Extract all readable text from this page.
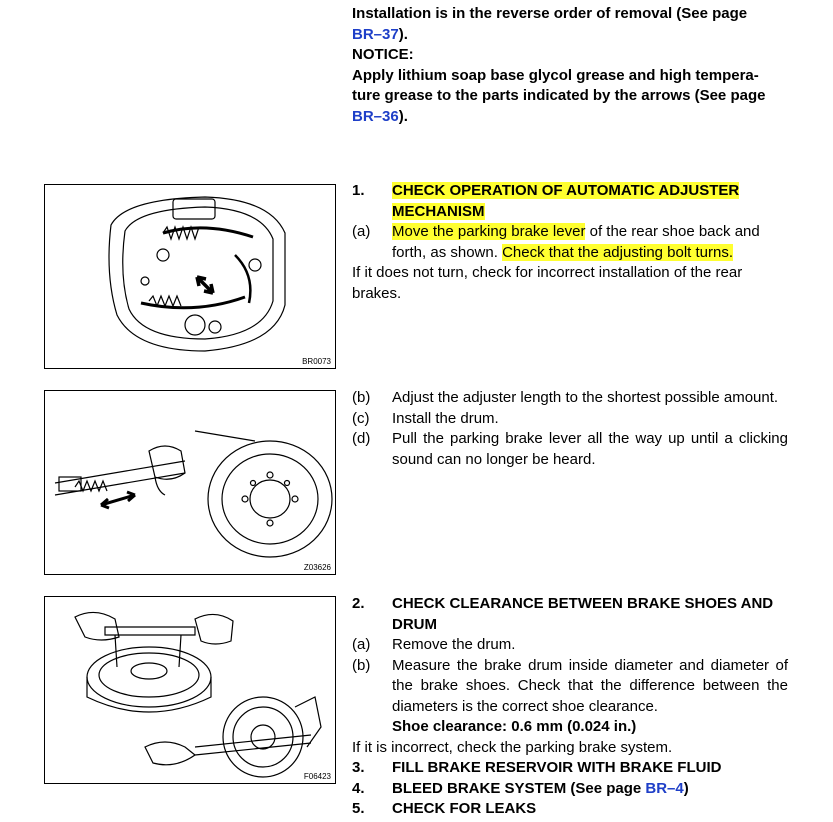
Installation is in the reverse order of removal (See page
BR–37).
NOTICE:
Apply lithium soap base glycol grease and high tempera-
ture grease to the parts indicated by the arrows (See page
BR–36).
1.	CHECK OPERATION OF AUTOMATIC ADJUSTER
MECHANISM
(a)	Move the parking brake lever of the rear shoe back and
forth, as shown. Check that the adjusting bolt turns.
If it does not turn, check for incorrect installation of the rear
brakes.
(b)	Adjust the adjuster length to the shortest possible amount.
(c)	Install the drum.
(d)	Pull the parking brake lever all the way up until a clicking sound can no longer be heard.
2.	CHECK CLEARANCE BETWEEN BRAKE SHOES AND DRUM
(a)	Remove the drum.
(b)	Measure the brake drum inside diameter and diameter of the brake shoes. Check that the difference between the diameters is the correct shoe clearance.
Shoe clearance: 0.6 mm (0.024 in.)
If it is incorrect, check the parking brake system.
3.	FILL BRAKE RESERVOIR WITH BRAKE FLUID
4.	BLEED BRAKE SYSTEM (See page BR–4)
5.	CHECK FOR LEAKS
BR0073
Z03626
F06423
